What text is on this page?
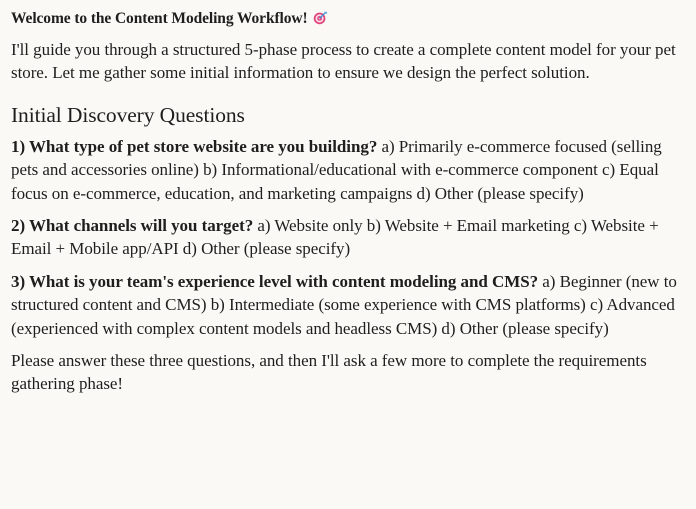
Welcome to the Content Modeling Workflow!

I'll guide you through a structured 5-phase process to create a complete content model for your pet store. Let me gather some initial information to ensure we design the perfect solution.

Initial Discovery Questions

1) What type of pet store website are you building? a) Primarily e-commerce focused (selling pets and accessories online) b) Informational/educational with e-commerce component c) Equal focus on e-commerce, education, and marketing campaigns d) Other (please specify)

2) What channels will you target? a) Website only b) Website + Email marketing c) Website + Email + Mobile app/API d) Other (please specify)

3) What is your team's experience level with content modeling and CMS? a) Beginner (new to structured content and CMS) b) Intermediate (some experience with CMS platforms) c) Advanced (experienced with complex content models and headless CMS) d) Other (please specify)

Please answer these three questions, and then I'll ask a few more to complete the requirements gathering phase!
